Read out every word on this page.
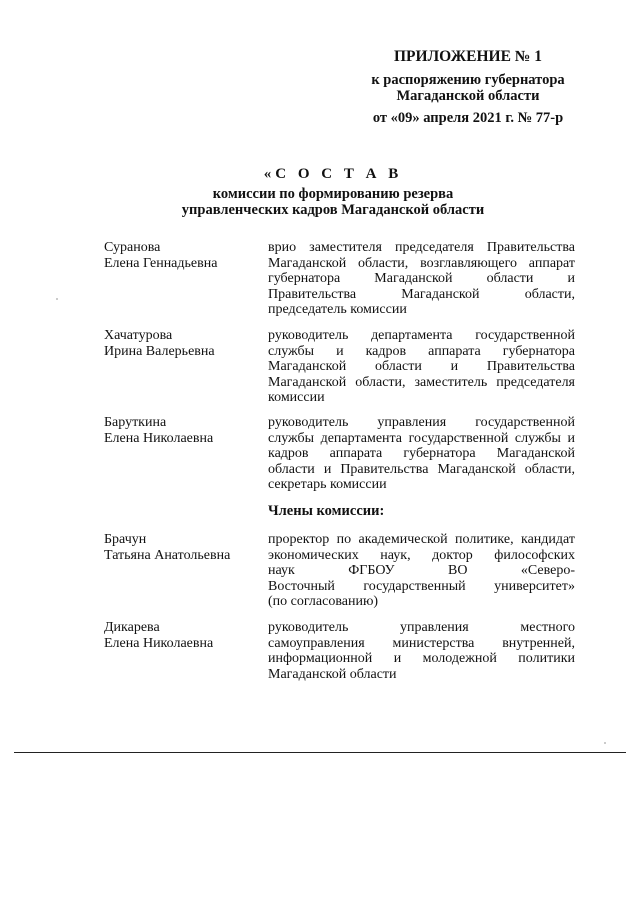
ПРИЛОЖЕНИЕ № 1
к распоряжению губернатора
Магаданской области
от «09» апреля 2021 г. № 77-р
«С О С Т А В
комиссии по формированию резерва
управленческих кадров Магаданской области
Суранова
Елена Геннадьевна
врио заместителя председателя Правительства
Магаданской области, возглавляющего аппарат
губернатора Магаданской области и
Правительства Магаданской области,
председатель комиссии
Хачатурова
Ирина Валерьевна
руководитель департамента государственной
службы и кадров аппарата губернатора
Магаданской области и Правительства
Магаданской области, заместитель председателя
комиссии
Баруткина
Елена Николаевна
руководитель управления государственной
службы департамента государственной службы и
кадров аппарата губернатора Магаданской
области и Правительства Магаданской области,
секретарь комиссии
Члены комиссии:
Брачун
Татьяна Анатольевна
проректор по академической политике, кандидат
экономических наук, доктор философских
наук ФГБОУ ВО «Северо-
Восточный государственный университет»
(по согласованию)
Дикарева
Елена Николаевна
руководитель управления местного
самоуправления министерства внутренней,
информационной и молодежной политики
Магаданской области
